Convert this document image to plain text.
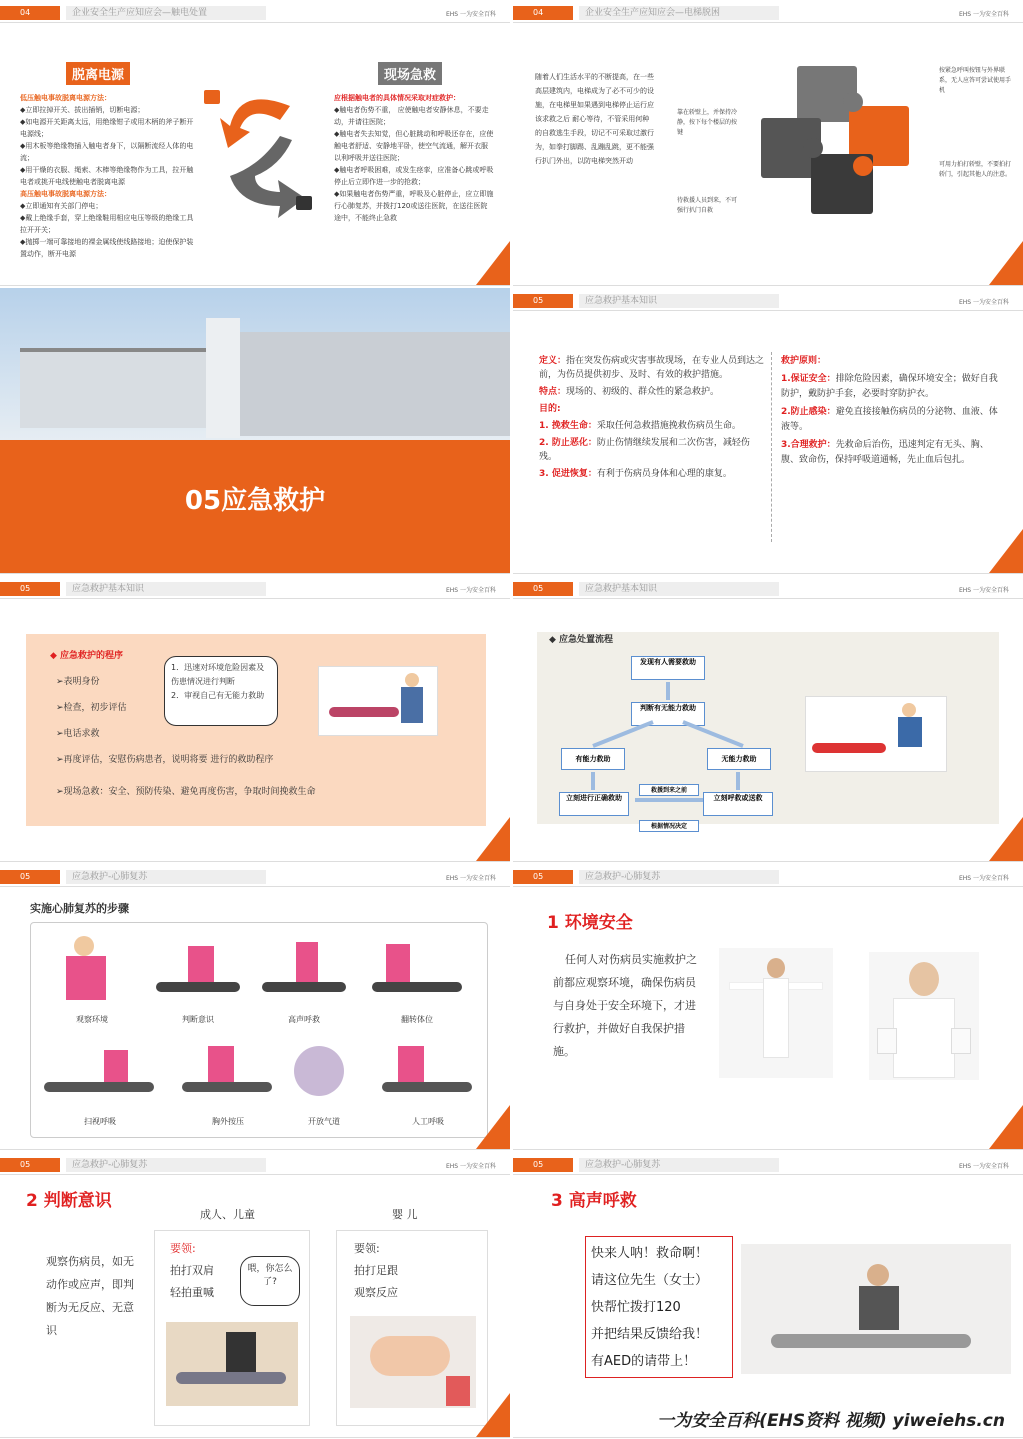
04	企业安全生产应知应会—触电处置	EHS 一为安全百科
脱离电源	现场急救
低压触电事故脱离电源方法：
◆立即拉掉开关、拔出插销，切断电源；
◆如电源开关距离太远，用绝缘钳子或用木柄的斧子断开电源线；
◆用木板等绝缘物插入触电者身下，以隔断流经人体的电流；
◆用干燥的衣服、绳索、木棒等绝缘物作为工具，拉开触电者或挑开电线使触电者脱离电源
高压触电事故脱离电源方法：
◆立即通知有关部门停电；
◆戴上绝缘手套，穿上绝缘鞋用相应电压等级的绝缘工具拉开开关；
◆抛掷一端可靠接地的裸金属线使线路接地；迫使保护装置动作，断开电源
应根据触电者的具体情况采取对症救护：
◆触电者伤势不重， 应使触电者安静休息，不要走动，并请往医院；
◆触电者失去知觉，但心脏跳动和呼吸还存在，应使触电者舒适、安静地平卧，使空气流通，解开衣服以利呼吸并送往医院；
◆触电者呼吸困难，或发生痉挛，应准备心跳或呼吸停止后立即作进一步的抢救；
◆如果触电者伤势严重，呼吸及心脏停止，应立即施行心肺复苏，并拨打120或送往医院，在送往医院途中，不能终止急救
04	企业安全生产应知应会—电梯脱困	EHS 一为安全百科
随着人们生活水平的不断提高，在一些高层建筑内，电梯成为了必不可少的设施，在电梯里如果遇到电梯停止运行应该求救之后 耐心等待，不管采用何种的自救逃生手段，切记不可采取过激行为，如拳打脚踢、乱蹦乱跳，更不能强行扒门外出，以防电梯突然开动
靠在轿壁上，并保持冷静，按下每个楼层的按键
待救援人员到来，不可强行扒门自救
按紧急呼叫按钮与外界联系，无人应答可尝试使用手机
可用力拍打轿壁，不要拍打轿门，引起其他人的注意。
05应急救护
05	应急救护基本知识	EHS 一为安全百科
定义：指在突发伤病或灾害事故现场，在专业人员到达之前，为伤员提供初步、及时、有效的救护措施。
特点：现场的、初级的、群众性的紧急救护。
目的:
1. 挽救生命：采取任何急救措施挽救伤病员生命。
2. 防止恶化：防止伤情继续发展和二次伤害，减轻伤残。
3. 促进恢复：有利于伤病员身体和心理的康复。
救护原则：
1.保证安全：排除危险因素，确保环境安全；做好自我防护，戴防护手套，必要时穿防护衣。
2.防止感染：避免直接接触伤病员的分泌物、血液、体液等。
3.合理救护：先救命后治伤，迅速判定有无头、胸、腹、致命伤，保持呼吸道通畅，先止血后包扎。
05	应急救护基本知识	EHS 一为安全百科
◆ 应急救护的程序
➢表明身份
➢检查，初步评估
➢电话求救
➢再度评估，安慰伤病患者，说明将要 进行的救助程序
➢现场急救：安全、预防传染、避免再度伤害，争取时间挽救生命
1．迅速对环境危险因素及伤患情况进行判断
2．审视自己有无能力救助
05	应急救护基本知识	EHS 一为安全百科
◆ 应急处置流程
发现有人需要救助
判断有无能力救助
有能力救助	无能力救助
立刻进行正确救助	立刻呼救或送救
救援到来之前
根据情况决定
05	应急救护-心肺复苏	EHS 一为安全百科
实施心肺复苏的步骤
观察环境	判断意识	高声呼救	翻转体位
扫视呼吸	胸外按压	开放气道	人工呼吸
05	应急救护-心肺复苏	EHS 一为安全百科
1 环境安全
任何人对伤病员实施救护之前都应观察环境，确保伤病员与自身处于安全环境下，才进行救护，并做好自我保护措施。
05	应急救护-心肺复苏	EHS 一为安全百科
2 判断意识
观察伤病员，如无动作或应声，即判断为无反应、无意识
成人、儿童	婴 儿
要领:
拍打双肩
轻拍重喊
喂，你怎么了?
要领:
拍打足跟
观察反应
05	应急救护-心肺复苏	EHS 一为安全百科
3 高声呼救
快来人呐！救命啊！
请这位先生（女士）
快帮忙拨打120
并把结果反馈给我！
有AED的请带上！
一为安全百科(EHS资料 视频) yiweiehs.cn
